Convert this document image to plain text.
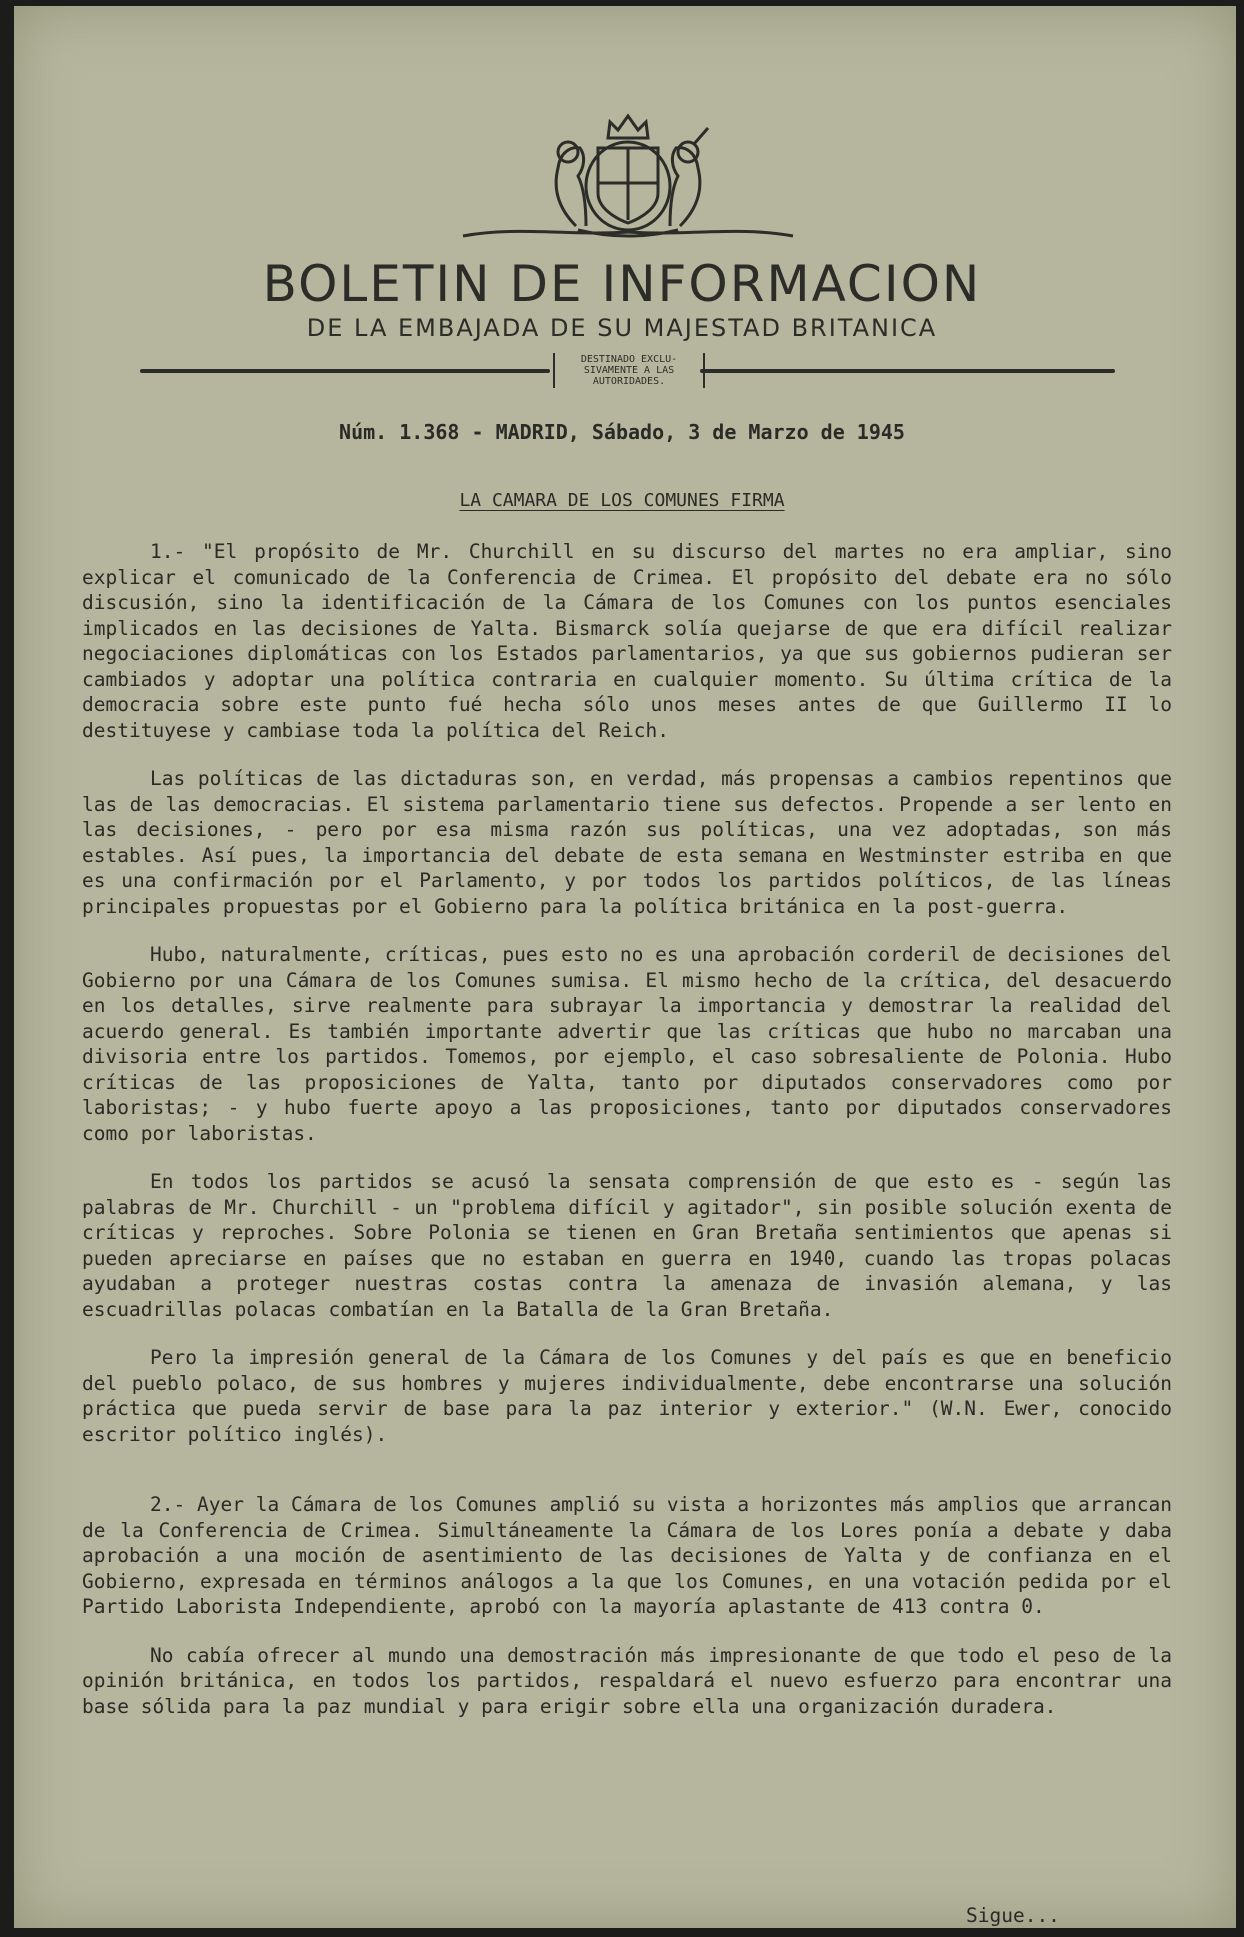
BOLETIN DE INFORMACION
DE LA EMBAJADA DE SU MAJESTAD BRITANICA
DESTINADO EXCLU-
SIVAMENTE A LAS
AUTORIDADES.
Núm. 1.368 - MADRID, Sábado, 3 de Marzo de 1945
LA CAMARA DE LOS COMUNES FIRMA

1.- "El propósito de Mr. Churchill en su discurso del martes no era ampliar, sino explicar el comunicado de la Conferencia de Crimea. El propósito del debate era no sólo discusión, sino la identificación de la Cámara de los Comunes con los puntos esenciales implicados en las decisiones de Yalta. Bismarck solía quejarse de que era difícil realizar negociaciones diplomáticas con los Estados parlamentarios, ya que sus gobiernos pudieran ser cambiados y adoptar una política contraria en cualquier momento. Su última crítica de la democracia sobre este punto fué hecha sólo unos meses antes de que Guillermo II lo destituyese y cambiase toda la política del Reich.

Las políticas de las dictaduras son, en verdad, más propensas a cambios repentinos que las de las democracias. El sistema parlamentario tiene sus defectos. Propende a ser lento en las decisiones, - pero por esa misma razón sus políticas, una vez adoptadas, son más estables. Así pues, la importancia del debate de esta semana en Westminster estriba en que es una confirmación por el Parlamento, y por todos los partidos políticos, de las líneas principales propuestas por el Gobierno para la política británica en la post-guerra.

Hubo, naturalmente, críticas, pues esto no es una aprobación corderil de decisiones del Gobierno por una Cámara de los Comunes sumisa. El mismo hecho de la crítica, del desacuerdo en los detalles, sirve realmente para subrayar la importancia y demostrar la realidad del acuerdo general. Es también importante advertir que las críticas que hubo no marcaban una divisoria entre los partidos. Tomemos, por ejemplo, el caso sobresaliente de Polonia. Hubo críticas de las proposiciones de Yalta, tanto por diputados conservadores como por laboristas; - y hubo fuerte apoyo a las proposiciones, tanto por diputados conservadores como por laboristas.

En todos los partidos se acusó la sensata comprensión de que esto es - según las palabras de Mr. Churchill - un "problema difícil y agitador", sin posible solución exenta de críticas y reproches. Sobre Polonia se tienen en Gran Bretaña sentimientos que apenas si pueden apreciarse en países que no estaban en guerra en 1940, cuando las tropas polacas ayudaban a proteger nuestras costas contra la amenaza de invasión alemana, y las escuadrillas polacas combatían en la Batalla de la Gran Bretaña.

Pero la impresión general de la Cámara de los Comunes y del país es que en beneficio del pueblo polaco, de sus hombres y mujeres individualmente, debe encontrarse una solución práctica que pueda servir de base para la paz interior y exterior." (W.N. Ewer, conocido escritor político inglés).

2.- Ayer la Cámara de los Comunes amplió su vista a horizontes más amplios que arrancan de la Conferencia de Crimea. Simultáneamente la Cámara de los Lores ponía a debate y daba aprobación a una moción de asentimiento de las decisiones de Yalta y de confianza en el Gobierno, expresada en términos análogos a la que los Comunes, en una votación pedida por el Partido Laborista Independiente, aprobó con la mayoría aplastante de 413 contra 0.

No cabía ofrecer al mundo una demostración más impresionante de que todo el peso de la opinión británica, en todos los partidos, respaldará el nuevo esfuerzo para encontrar una base sólida para la paz mundial y para erigir sobre ella una organización duradera.

Sigue...
